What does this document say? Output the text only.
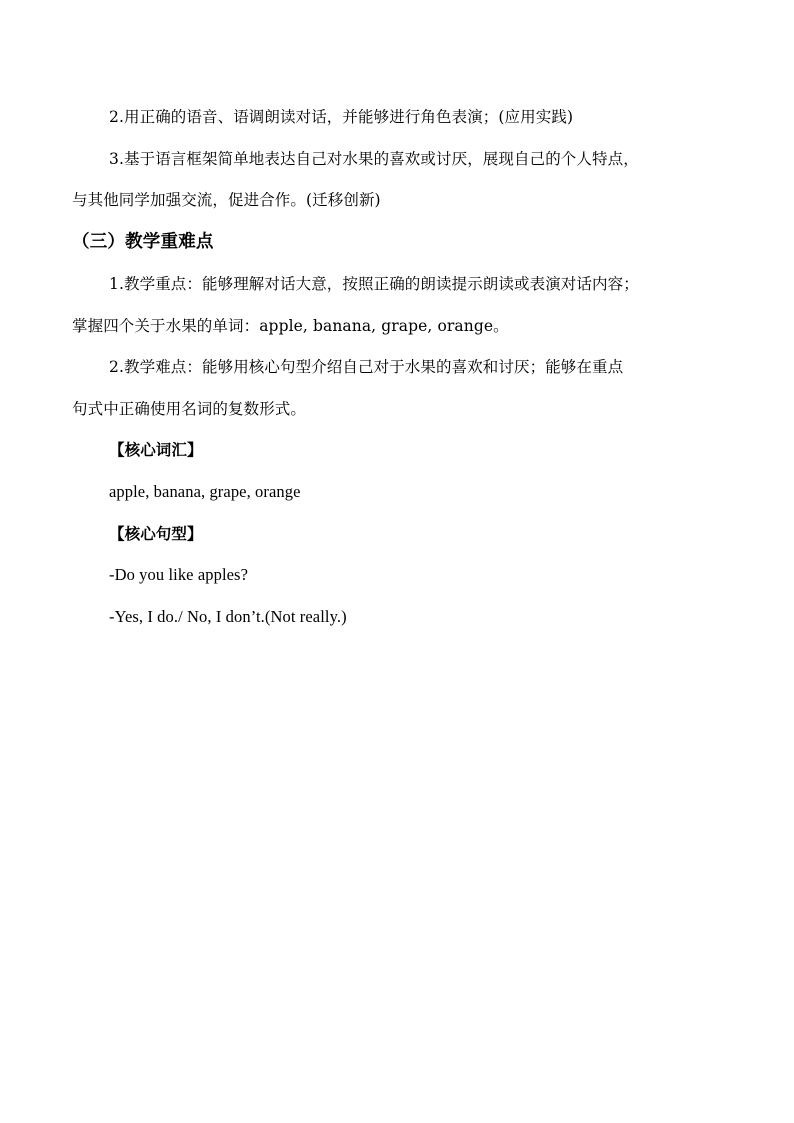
2.用正确的语音、语调朗读对话，并能够进行角色表演；(应用实践)
3.基于语言框架简单地表达自己对水果的喜欢或讨厌，展现自己的个人特点，
与其他同学加强交流，促进合作。(迁移创新)
（三）教学重难点
1.教学重点：能够理解对话大意，按照正确的朗读提示朗读或表演对话内容；
掌握四个关于水果的单词：apple, banana, grape, orange。
2.教学难点：能够用核心句型介绍自己对于水果的喜欢和讨厌；能够在重点
句式中正确使用名词的复数形式。
【核心词汇】
apple, banana, grape, orange
【核心句型】
-Do you like apples?
-Yes, I do./ No, I don’t.(Not really.)
